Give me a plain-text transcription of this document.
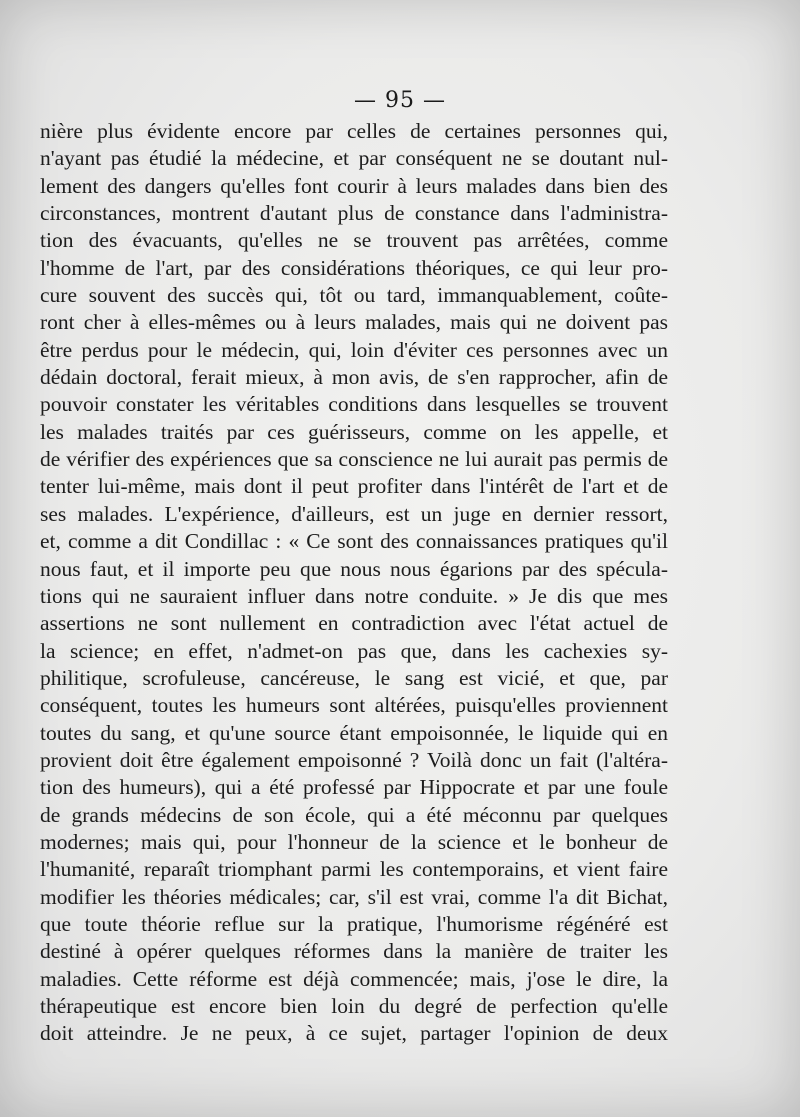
— 95 —
nière plus évidente encore par celles de certaines personnes qui,
n'ayant pas étudié la médecine, et par conséquent ne se doutant nul-
lement des dangers qu'elles font courir à leurs malades dans bien des
circonstances, montrent d'autant plus de constance dans l'administra-
tion des évacuants, qu'elles ne se trouvent pas arrêtées, comme
l'homme de l'art, par des considérations théoriques, ce qui leur pro-
cure souvent des succès qui, tôt ou tard, immanquablement, coûte-
ront cher à elles-mêmes ou à leurs malades, mais qui ne doivent pas
être perdus pour le médecin, qui, loin d'éviter ces personnes avec un
dédain doctoral, ferait mieux, à mon avis, de s'en rapprocher, afin de
pouvoir constater les véritables conditions dans lesquelles se trouvent
les malades traités par ces guérisseurs, comme on les appelle, et
de vérifier des expériences que sa conscience ne lui aurait pas permis de
tenter lui-même, mais dont il peut profiter dans l'intérêt de l'art et de
ses malades. L'expérience, d'ailleurs, est un juge en dernier ressort,
et, comme a dit Condillac : « Ce sont des connaissances pratiques qu'il
nous faut, et il importe peu que nous nous égarions par des spécula-
tions qui ne sauraient influer dans notre conduite. » Je dis que mes
assertions ne sont nullement en contradiction avec l'état actuel de
la science; en effet, n'admet-on pas que, dans les cachexies sy-
philitique, scrofuleuse, cancéreuse, le sang est vicié, et que, par
conséquent, toutes les humeurs sont altérées, puisqu'elles proviennent
toutes du sang, et qu'une source étant empoisonnée, le liquide qui en
provient doit être également empoisonné ? Voilà donc un fait (l'altéra-
tion des humeurs), qui a été professé par Hippocrate et par une foule
de grands médecins de son école, qui a été méconnu par quelques
modernes; mais qui, pour l'honneur de la science et le bonheur de
l'humanité, reparaît triomphant parmi les contemporains, et vient faire
modifier les théories médicales; car, s'il est vrai, comme l'a dit Bichat,
que toute théorie reflue sur la pratique, l'humorisme régénéré est
destiné à opérer quelques réformes dans la manière de traiter les
maladies. Cette réforme est déjà commencée; mais, j'ose le dire, la
thérapeutique est encore bien loin du degré de perfection qu'elle
doit atteindre. Je ne peux, à ce sujet, partager l'opinion de deux
